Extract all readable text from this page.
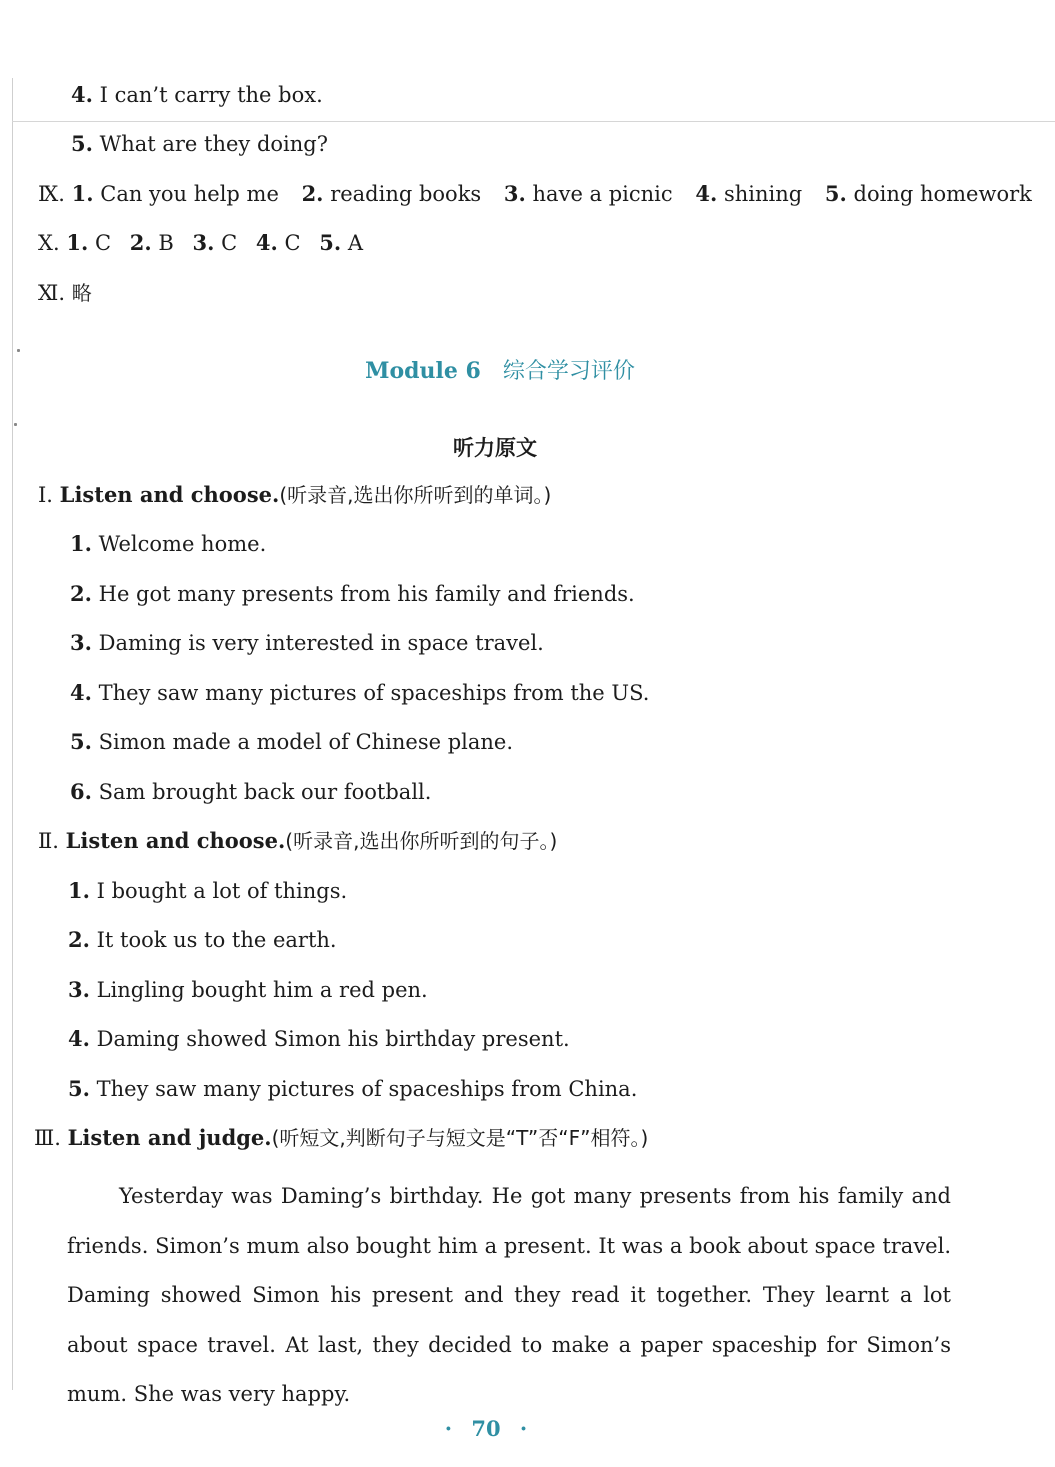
4. I can’t carry the box.
5. What are they doing?
Ⅸ. 1. Can you help me 2. reading books 3. have a picnic 4. shining 5. doing homework
Ⅹ. 1. C 2. B 3. C 4. C 5. A
Ⅺ. 略
Module 6 综合学习评价
听力原文
Ⅰ. Listen and choose.(听录音,选出你所听到的单词。)
1. Welcome home.
2. He got many presents from his family and friends.
3. Daming is very interested in space travel.
4. They saw many pictures of spaceships from the US.
5. Simon made a model of Chinese plane.
6. Sam brought back our football.
Ⅱ. Listen and choose.(听录音,选出你所听到的句子。)
1. I bought a lot of things.
2. It took us to the earth.
3. Lingling bought him a red pen.
4. Daming showed Simon his birthday present.
5. They saw many pictures of spaceships from China.
Ⅲ. Listen and judge.(听短文,判断句子与短文是“T”否“F”相符。)
Yesterday was Daming’s birthday. He got many presents from his family and friends. Simon’s mum also bought him a present. It was a book about space travel. Daming showed Simon his present and they read it together. They learnt a lot about space travel. At last, they decided to make a paper spaceship for Simon’s mum. She was very happy.
· 70 ·
